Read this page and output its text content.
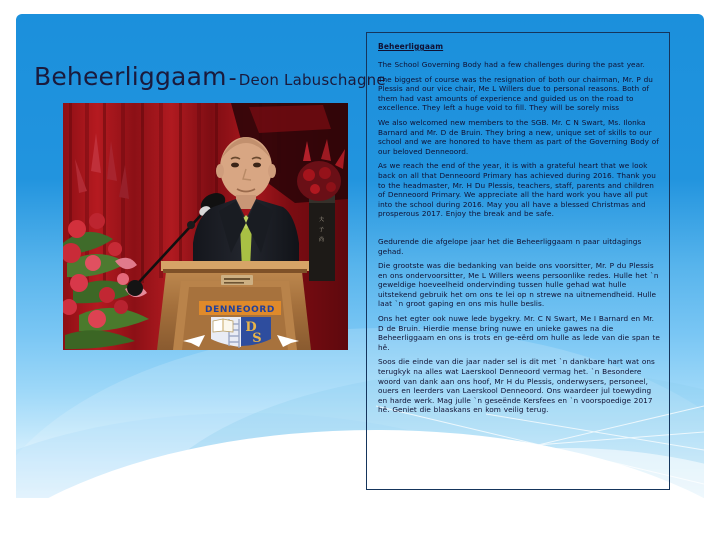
Beheerliggaam- Deon Labuschagne
夫
子
尚
DENNEOORD
D
S
Beheerliggaam

The School Governing Body had a few challenges during the past year.

The biggest of course was the resignation of both our chairman, Mr. P du Plessis and our vice chair, Me L Willers due to personal reasons. Both of them had vast amounts of experience and guided us on the road to excellence. They left a huge void to fill. They will be sorely miss

We also welcomed new members to the SGB. Mr. C N Swart, Ms. Ilonka Barnard and Mr. D de Bruin. They bring a new, unique set of skills to our school and we are honored to have them as part of the Governing Body of our beloved Denneoord.

As we reach the end of the year, it is with a grateful heart that we look back on all that Denneoord Primary has achieved during 2016. Thank you to the headmaster, Mr. H Du Plessis, teachers, staff, parents and children of Denneoord Primary. We appreciate all the hard work you have all put into the school during 2016. May you all have a blessed Christmas and prosperous 2017. Enjoy the break and be safe.

Gedurende die afgelope jaar het die Beheerliggaam n paar uitdagings gehad.

Die grootste was die bedanking van beide ons voorsitter, Mr. P du Plessis en ons ondervoorsitter, Me L Willers weens persoonlike redes. Hulle het `n geweldige hoeveelheid ondervinding tussen hulle gehad wat hulle uitstekend gebruik het om ons te lei op n strewe na uitnemendheid. Hulle laat `n groot gaping en ons mis hulle beslis.

Ons het egter ook nuwe lede bygekry. Mr. C N Swart, Me I Barnard en Mr. D de Bruin. Hierdie mense bring nuwe en unieke gawes na die Beheerliggaam en ons is trots en ge-eërd om hulle as lede van die span te hê.

Soos die einde van die jaar nader sel is dit met `n dankbare hart wat ons terugkyk na alles wat Laerskool Denneoord vermag het. `n Besondere woord van dank aan ons hoof, Mr H du Plessis, onderwysers, personeel, ouers en leerders van Laerskool Denneoord. Ons waardeer jul toewyding en harde werk. Mag julle `n geseënde Kersfees en `n voorspoedige 2017 hê. Geniet die blaaskans en kom veilig terug.
